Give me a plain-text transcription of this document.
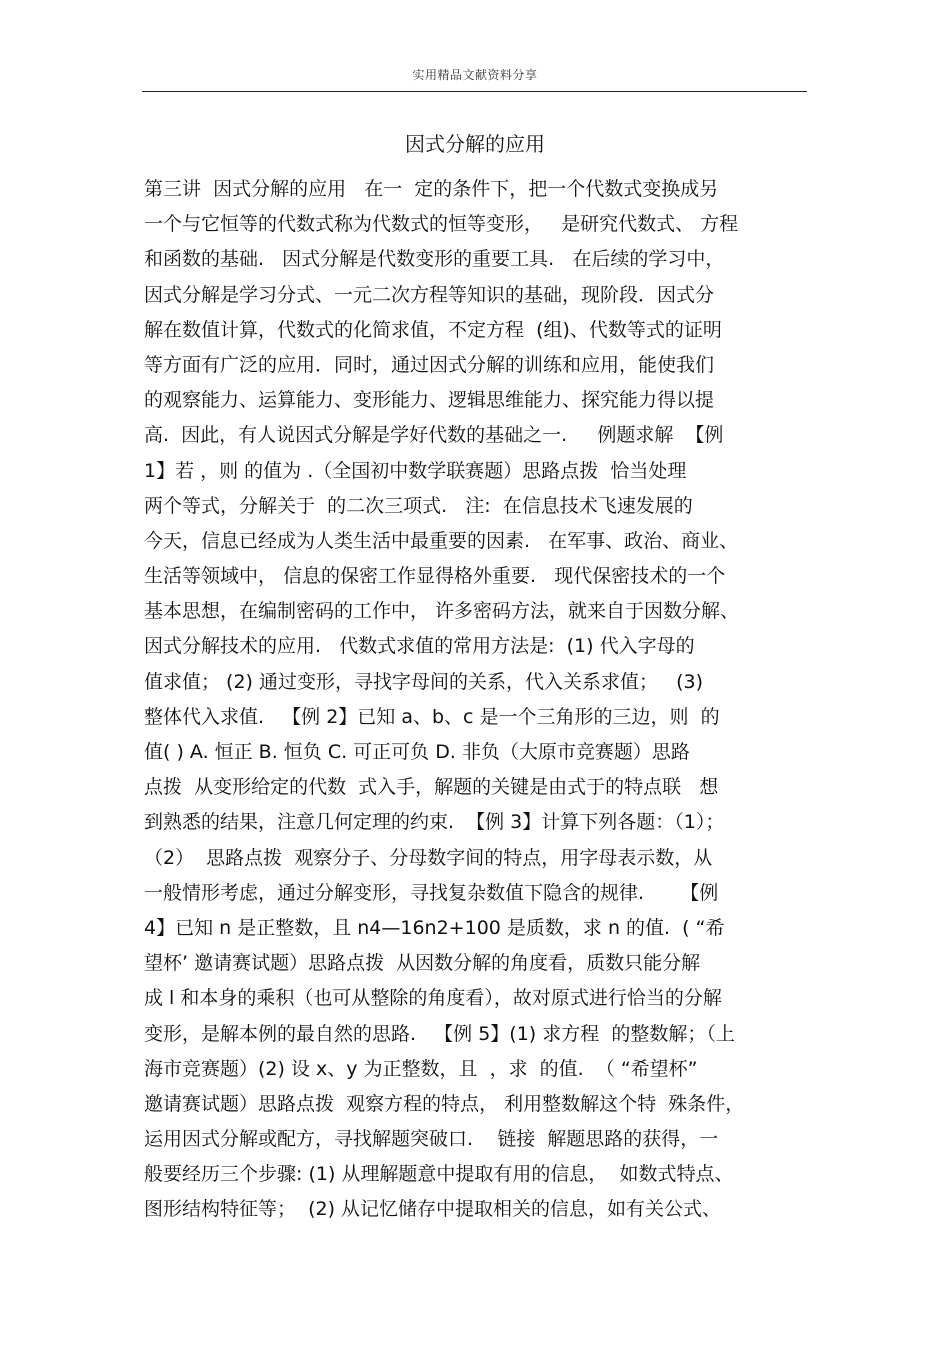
实用精品文献资料分享
因式分解的应用
第三讲  因式分解的应用   在一  定的条件下，把一个代数式变换成另
一个与它恒等的代数式称为代数式的恒等变形，   是研究代数式、 方程
和函数的基础.   因式分解是代数变形的重要工具.   在后续的学习中，
因式分解是学习分式、一元二次方程等知识的基础，现阶段．因式分
解在数值计算，代数式的化简求值，不定方程  (组)、代数等式的证明
等方面有广泛的应用．同时，通过因式分解的训练和应用，能使我们
的观察能力、运算能力、变形能力、逻辑思维能力、探究能力得以提
高.  因此，有人说因式分解是学好代数的基础之一.     例题求解  【例
1】若 ，则 的值为 .（全国初中数学联赛题）思路点拨  恰当处理
两个等式，分解关于  的二次三项式.   注:  在信息技术飞速发展的
今天，信息已经成为人类生活中最重要的因素.   在军事、政治、商业、
生活等领域中， 信息的保密工作显得格外重要.   现代保密技术的一个
基本思想，在编制密码的工作中， 许多密码方法，就来自于因数分解、
因式分解技术的应用.   代数式求值的常用方法是:  (1) 代入字母的
值求值； (2) 通过变形，寻找字母间的关系，代入关系求值；   (3)
整体代入求值.   【例 2】已知 a、b、c 是一个三角形的三边，则  的
值( ) A. 恒正 B. 恒负 C. 可正可负 D. 非负（大原市竞赛题）思路
点拨  从变形给定的代数  式入手，解题的关键是由式于的特点联   想
到熟悉的结果，注意几何定理的约束.  【例 3】计算下列各题：（1）；
（2）  思路点拨  观察分子、分母数字间的特点，用字母表示数，从
一般情形考虑，通过分解变形，寻找复杂数值下隐含的规律.      【例
4】已知 n 是正整数，且 n4—16n2+100 是质数，求 n 的值.  ( “希
望杯’ 邀请赛试题）思路点拨  从因数分解的角度看，质数只能分解
成 l 和本身的乘积（也可从整除的角度看），故对原式进行恰当的分解
变形，是解本例的最自然的思路.   【例 5】(1) 求方程  的整数解；（上
海市竞赛题）(2) 设 x、y 为正整数，且  ，求  的值.  （ “希望杯”
邀请赛试题）思路点拨  观察方程的特点， 利用整数解这个特  殊条件，
运用因式分解或配方，寻找解题突破口.    链接  解题思路的获得，一
般要经历三个步骤: (1) 从理解题意中提取有用的信息，  如数式特点、
图形结构特征等；  (2) 从记忆储存中提取相关的信息，如有关公式、
